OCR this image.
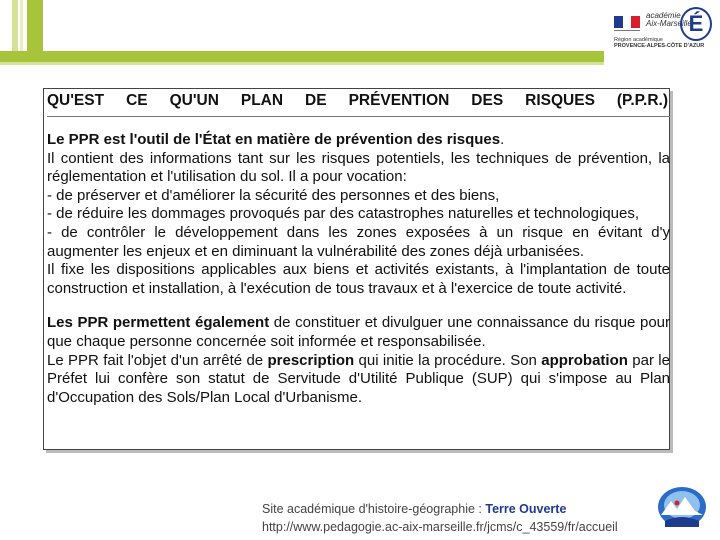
académie
Aix-Marseille
É
Région académique
PROVENCE-ALPES-CÔTE D'AZUR
QU'EST CE QU'UN PLAN DE PRÉVENTION DES RISQUES (P.P.R.)

Le PPR est l'outil de l'État en matière de prévention des risques.

Il contient des informations tant sur les risques potentiels, les techniques de prévention, la réglementation et l'utilisation du sol. Il a pour vocation:

- de préserver et d'améliorer la sécurité des personnes et des biens,

- de réduire les dommages provoqués par des catastrophes naturelles et technologiques,

- de contrôler le développement dans les zones exposées à un risque en évitant d'y augmenter les enjeux et en diminuant la vulnérabilité des zones déjà urbanisées.

Il fixe les dispositions applicables aux biens et activités existants, à l'implantation de toute construction et installation, à l'exécution de tous travaux et à l'exercice de toute activité.

Les PPR permettent également de constituer et divulguer une connaissance du risque pour que chaque personne concernée soit informée et responsabilisée.

Le PPR fait l'objet d'un arrêté de prescription qui initie la procédure. Son approbation par le Préfet lui confère son statut de Servitude d'Utilité Publique (SUP) qui s'impose au Plan d'Occupation des Sols/Plan Local d'Urbanisme.

Site académique d'histoire-géographie : Terre Ouverte
http://www.pedagogie.ac-aix-marseille.fr/jcms/c_43559/fr/accueil
